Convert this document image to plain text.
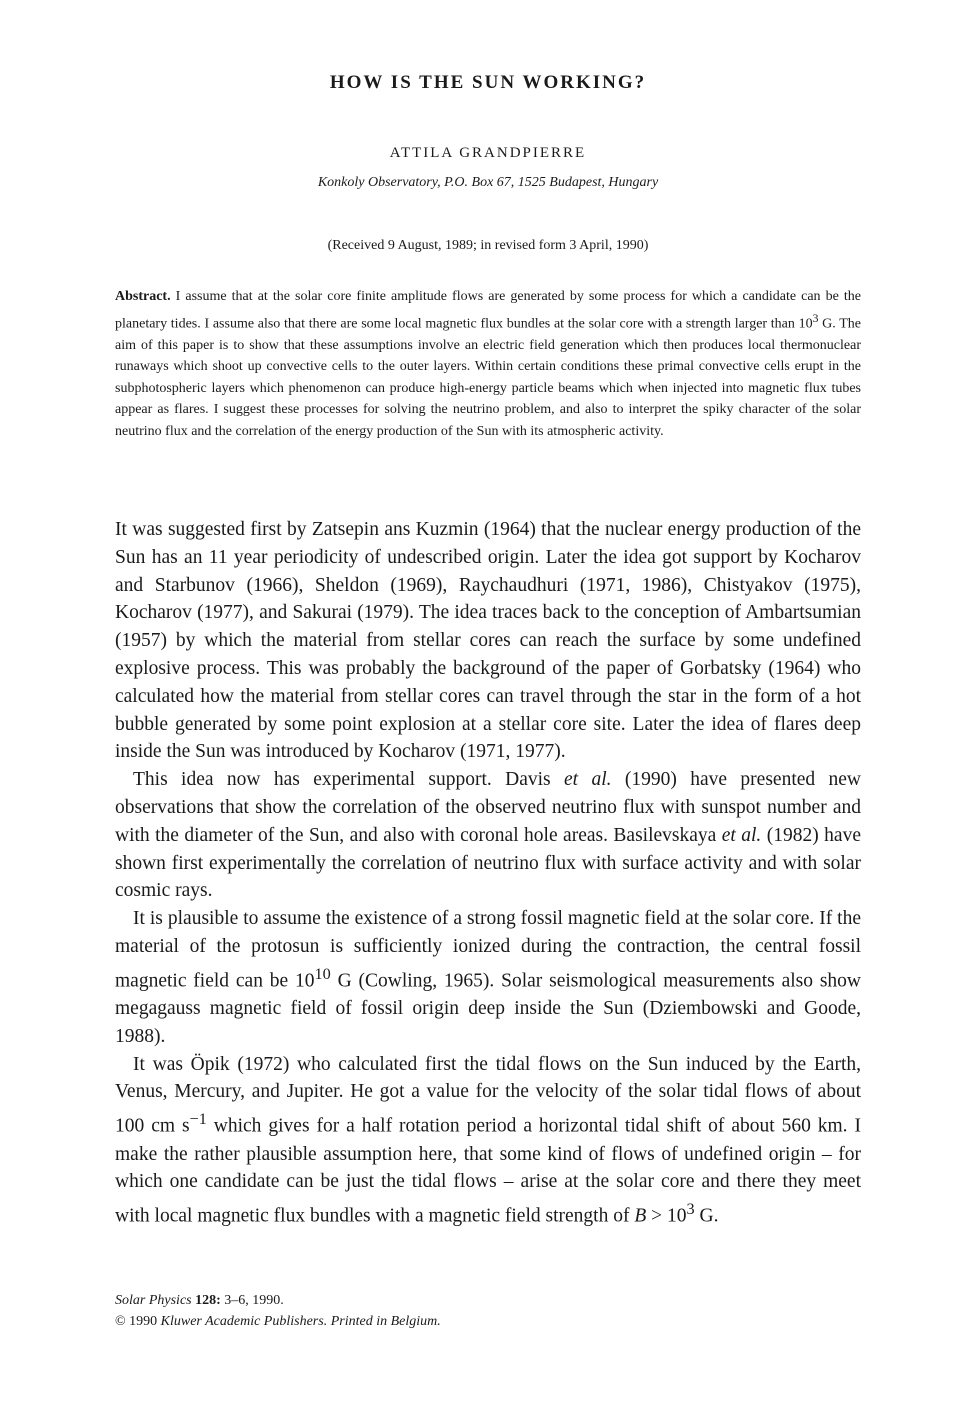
HOW IS THE SUN WORKING?
ATTILA GRANDPIERRE
Konkoly Observatory, P.O. Box 67, 1525 Budapest, Hungary
(Received 9 August, 1989; in revised form 3 April, 1990)
Abstract. I assume that at the solar core finite amplitude flows are generated by some process for which a candidate can be the planetary tides. I assume also that there are some local magnetic flux bundles at the solar core with a strength larger than $10^3$ G. The aim of this paper is to show that these assumptions involve an electric field generation which then produces local thermonuclear runaways which shoot up convective cells to the outer layers. Within certain conditions these primal convective cells erupt in the subphotospheric layers which phenomenon can produce high-energy particle beams which when injected into magnetic flux tubes appear as flares. I suggest these processes for solving the neutrino problem, and also to interpret the spiky character of the solar neutrino flux and the correlation of the energy production of the Sun with its atmospheric activity.

It was suggested first by Zatsepin ans Kuzmin (1964) that the nuclear energy production of the Sun has an 11 year periodicity of undescribed origin. Later the idea got support by Kocharov and Starbunov (1966), Sheldon (1969), Raychaudhuri (1971, 1986), Chistyakov (1975), Kocharov (1977), and Sakurai (1979). The idea traces back to the conception of Ambartsumian (1957) by which the material from stellar cores can reach the surface by some undefined explosive process. This was probably the background of the paper of Gorbatsky (1964) who calculated how the material from stellar cores can travel through the star in the form of a hot bubble generated by some point explosion at a stellar core site. Later the idea of flares deep inside the Sun was introduced by Kocharov (1971, 1977).

This idea now has experimental support. Davis et al. (1990) have presented new observations that show the correlation of the observed neutrino flux with sunspot number and with the diameter of the Sun, and also with coronal hole areas. Basilevskaya et al. (1982) have shown first experimentally the correlation of neutrino flux with surface activity and with solar cosmic rays.

It is plausible to assume the existence of a strong fossil magnetic field at the solar core. If the material of the protosun is sufficiently ionized during the contraction, the central fossil magnetic field can be $10^{10}$ G (Cowling, 1965). Solar seismological measurements also show megagauss magnetic field of fossil origin deep inside the Sun (Dziembowski and Goode, 1988).

It was Öpik (1972) who calculated first the tidal flows on the Sun induced by the Earth, Venus, Mercury, and Jupiter. He got a value for the velocity of the solar tidal flows of about 100 cm $s^{-1}$ which gives for a half rotation period a horizontal tidal shift of about 560 km. I make the rather plausible assumption here, that some kind of flows of undefined origin – for which one candidate can be just the tidal flows – arise at the solar core and there they meet with local magnetic flux bundles with a magnetic field strength of $B > 10^3$ G.

Solar Physics 128: 3–6, 1990.
© 1990 Kluwer Academic Publishers. Printed in Belgium.
